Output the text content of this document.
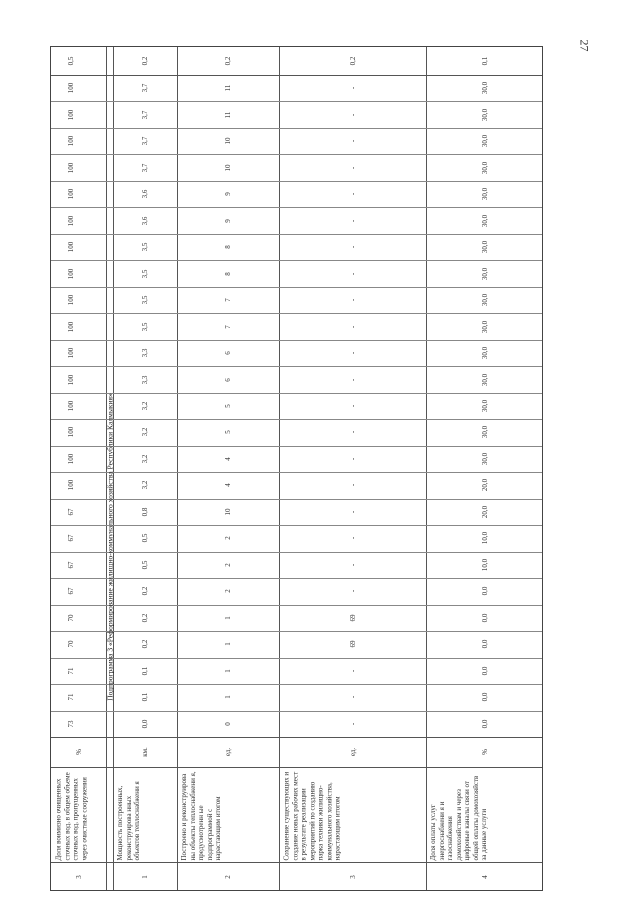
27
Подпрограмма 3 «Реформирование жилищно-коммунального хозяйства Республики Калмыкия»
3
Доля воимизно очищенных сточных вод, в общем объеме сточных вод, пропущенных через очистные сооружения
%
73
71
71
70
70
67
67
67
67
100
100
100
100
100
100
100
100
100
100
100
100
100
100
100
100
0,5
1
Мощность построенных, реконструирова нных объектов теплоснабжени я
км.
0,0
0,1
0,1
0,2
0,2
0,2
0,5
0,5
0,8
3,2
3,2
3,2
3,2
3,3
3,3
3,5
3,5
3,5
3,5
3,6
3,6
3,7
3,7
3,7
3,7
0,2
2
Построено и реконструирова ны объекты теплоснабжени я, предусмотренн ые подпрограммой с нарастающим итогом
ед.
0
1
1
1
1
2
2
2
10
4
4
5
5
6
6
7
7
8
8
9
9
10
10
11
11
0,2
3
Сохранение существующих и создание новых рабочих мест в результате реализации мероприятий по созданию парка техники жилищно-коммунального хозяйства, нарастающим итогом
ед.
-
-
-
69
69
-
-
-
-
-
-
-
-
-
-
-
-
-
-
-
-
-
-
-
-
0,2
4
Доля оплаты услуг энергоснабжени я и газоснабжения домохозяйствам и через цифровые каналы связи от общей оплаты домохозяйств за данные услуги
%
0,0
0,0
0,0
0,0
0,0
0,0
10,0
10,0
20,0
20,0
30,0
30,0
30,0
30,0
30,0
30,0
30,0
30,0
30,0
30,0
30,0
30,0
30,0
30,0
30,0
0,1
